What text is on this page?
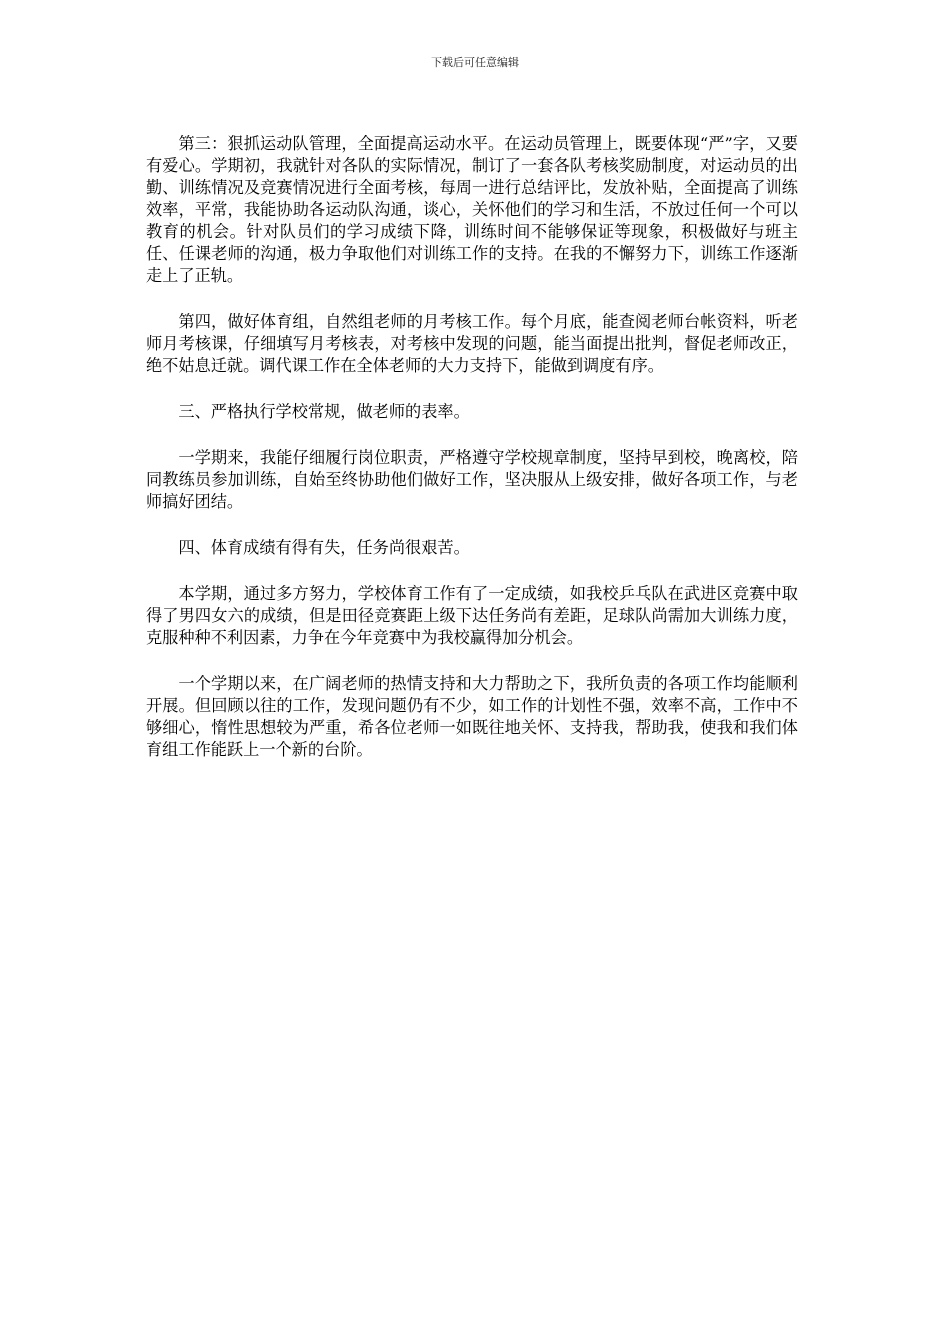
下载后可任意编辑

第三：狠抓运动队管理，全面提高运动水平。在运动员管理上，既要体现“严”字，又要有爱心。学期初，我就针对各队的实际情况，制订了一套各队考核奖励制度，对运动员的出勤、训练情况及竞赛情况进行全面考核，每周一进行总结评比，发放补贴，全面提高了训练效率，平常，我能协助各运动队沟通，谈心，关怀他们的学习和生活，不放过任何一个可以教育的机会。针对队员们的学习成绩下降，训练时间不能够保证等现象，积极做好与班主任、任课老师的沟通，极力争取他们对训练工作的支持。在我的不懈努力下，训练工作逐渐走上了正轨。

第四，做好体育组，自然组老师的月考核工作。每个月底，能查阅老师台帐资料，听老师月考核课，仔细填写月考核表，对考核中发现的问题，能当面提出批判，督促老师改正，绝不姑息迁就。调代课工作在全体老师的大力支持下，能做到调度有序。

三、严格执行学校常规，做老师的表率。

一学期来，我能仔细履行岗位职责，严格遵守学校规章制度，坚持早到校，晚离校，陪同教练员参加训练，自始至终协助他们做好工作，坚决服从上级安排，做好各项工作，与老师搞好团结。

四、体育成绩有得有失，任务尚很艰苦。

本学期，通过多方努力，学校体育工作有了一定成绩，如我校乒乓队在武进区竞赛中取得了男四女六的成绩，但是田径竞赛距上级下达任务尚有差距，足球队尚需加大训练力度，克服种种不利因素，力争在今年竞赛中为我校赢得加分机会。

一个学期以来，在广阔老师的热情支持和大力帮助之下，我所负责的各项工作均能顺利开展。但回顾以往的工作，发现问题仍有不少，如工作的计划性不强，效率不高，工作中不够细心，惰性思想较为严重，希各位老师一如既往地关怀、支持我，帮助我，使我和我们体育组工作能跃上一个新的台阶。
